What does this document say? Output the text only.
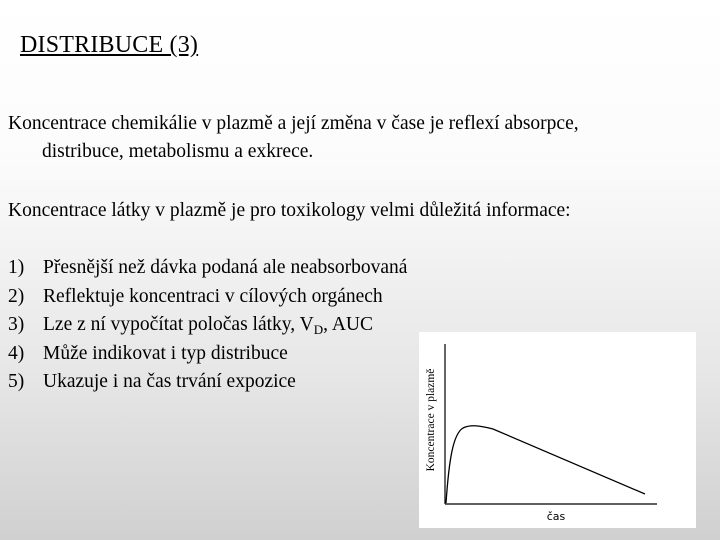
DISTRIBUCE (3)
Koncentrace chemikálie v plazmě a její změna v čase je reflexí absorpce,
distribuce, metabolismu a exkrece.
Koncentrace látky v plazmě je pro toxikology velmi důležitá informace:
1) Přesnější než dávka podaná ale neabsorbovaná
2) Reflektuje koncentraci v cílových orgánech
3) Lze z ní vypočítat poločas látky, $V_D$, AUC
4) Může indikovat i typ distribuce
5) Ukazuje i na čas trvání expozice	Koncentrace v plazmě
čas
